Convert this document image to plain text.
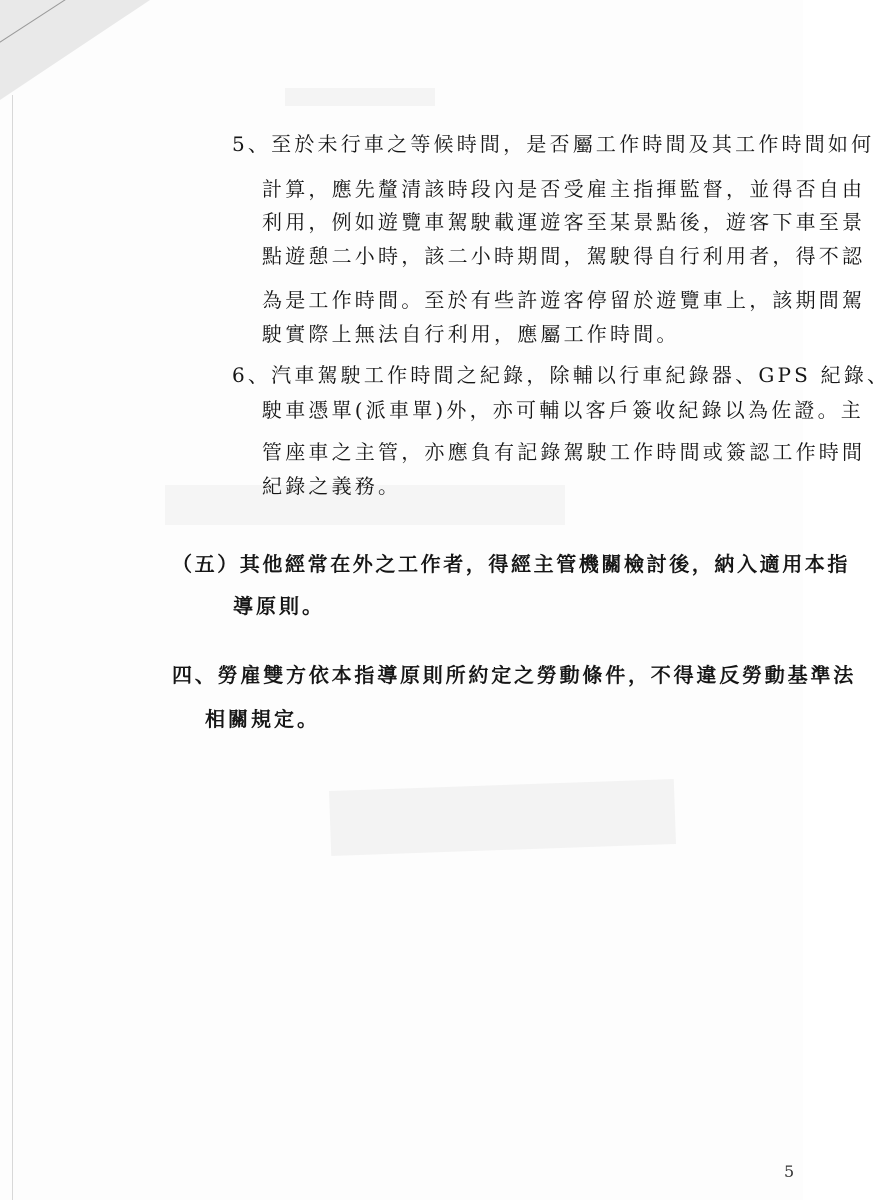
5、至於未行車之等候時間，是否屬工作時間及其工作時間如何
計算，應先釐清該時段內是否受雇主指揮監督，並得否自由
利用，例如遊覽車駕駛載運遊客至某景點後，遊客下車至景
點遊憩二小時，該二小時期間，駕駛得自行利用者，得不認
為是工作時間。至於有些許遊客停留於遊覽車上，該期間駕
駛實際上無法自行利用，應屬工作時間。
6、汽車駕駛工作時間之紀錄，除輔以行車紀錄器、GPS 紀錄、
駛車憑單(派車單)外，亦可輔以客戶簽收紀錄以為佐證。主
管座車之主管，亦應負有記錄駕駛工作時間或簽認工作時間
紀錄之義務。
（五）其他經常在外之工作者，得經主管機關檢討後，納入適用本指
導原則。
四、勞雇雙方依本指導原則所約定之勞動條件，不得違反勞動基準法
相關規定。
5
